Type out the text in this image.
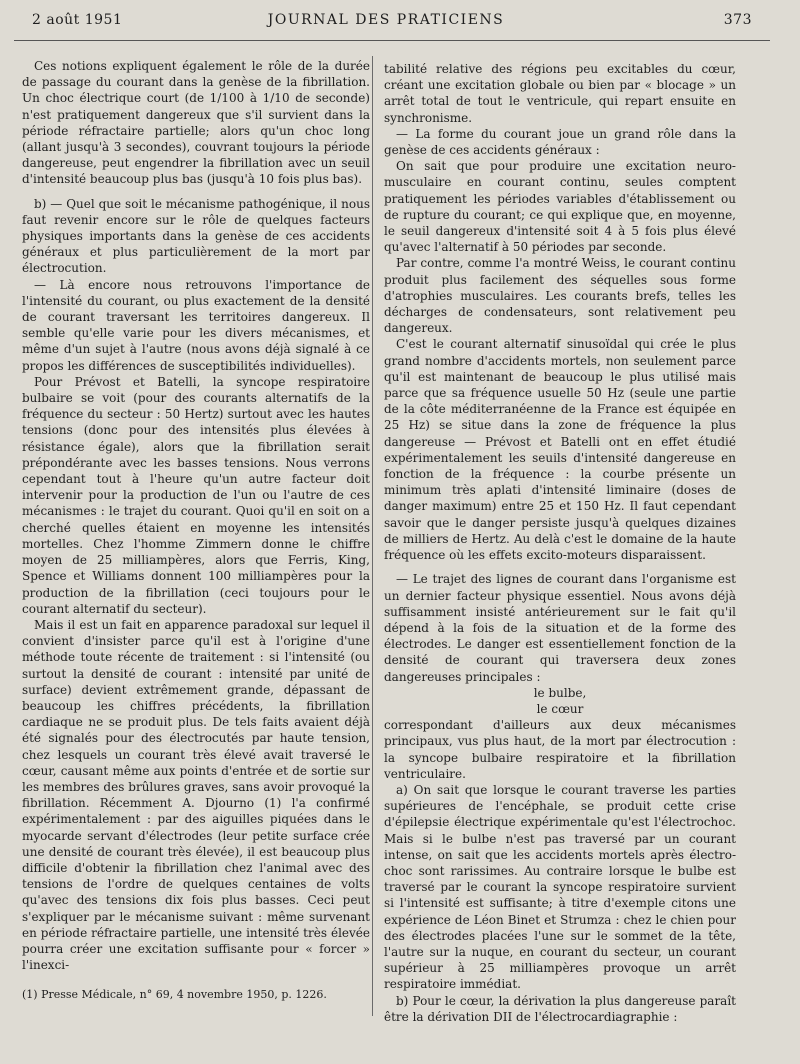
2 août 1951	JOURNAL DES PRATICIENS	373

Ces notions expliquent également le rôle de la durée de passage du courant dans la genèse de la fibrillation. Un choc électrique court (de 1/100 à 1/10 de seconde) n'est pratiquement dangereux que s'il survient dans la période réfractaire partielle; alors qu'un choc long (allant jusqu'à 3 secondes), couvrant toujours la période dangereuse, peut engendrer la fibrillation avec un seuil d'intensité beaucoup plus bas (jusqu'à 10 fois plus bas).

b) — Quel que soit le mécanisme pathogénique, il nous faut revenir encore sur le rôle de quelques facteurs physiques importants dans la genèse de ces accidents généraux et plus particulièrement de la mort par électrocution.

— Là encore nous retrouvons l'importance de l'intensité du courant, ou plus exactement de la densité de courant traversant les territoires dangereux. Il semble qu'elle varie pour les divers mécanismes, et même d'un sujet à l'autre (nous avons déjà signalé à ce propos les différences de susceptibilités individuelles).

Pour Prévost et Batelli, la syncope respiratoire bulbaire se voit (pour des courants alternatifs de la fréquence du secteur : 50 Hertz) surtout avec les hautes tensions (donc pour des intensités plus élevées à résistance égale), alors que la fibrillation serait prépondérante avec les basses tensions. Nous verrons cependant tout à l'heure qu'un autre facteur doit intervenir pour la production de l'un ou l'autre de ces mécanismes : le trajet du courant. Quoi qu'il en soit on a cherché quelles étaient en moyenne les intensités mortelles. Chez l'homme Zimmern donne le chiffre moyen de 25 milliampères, alors que Ferris, King, Spence et Williams donnent 100 milliampères pour la production de la fibrillation (ceci toujours pour le courant alternatif du secteur).

Mais il est un fait en apparence paradoxal sur lequel il convient d'insister parce qu'il est à l'origine d'une méthode toute récente de traitement : si l'intensité (ou surtout la densité de courant : intensité par unité de surface) devient extrêmement grande, dépassant de beaucoup les chiffres précédents, la fibrillation cardiaque ne se produit plus. De tels faits avaient déjà été signalés pour des électrocutés par haute tension, chez lesquels un courant très élevé avait traversé le cœur, causant même aux points d'entrée et de sortie sur les membres des brûlures graves, sans avoir provoqué la fibrillation. Récemment A. Djourno (1) l'a confirmé expérimentalement : par des aiguilles piquées dans le myocarde servant d'électrodes (leur petite surface crée une densité de courant très élevée), il est beaucoup plus difficile d'obtenir la fibrillation chez l'animal avec des tensions de l'ordre de quelques centaines de volts qu'avec des tensions dix fois plus basses. Ceci peut s'expliquer par le mécanisme suivant : même survenant en période réfractaire partielle, une intensité très élevée pourra créer une excitation suffisante pour « forcer » l'inexci-

tabilité relative des régions peu excitables du cœur, créant une excitation globale ou bien par « blocage » un arrêt total de tout le ventricule, qui repart ensuite en synchronisme.

— La forme du courant joue un grand rôle dans la genèse de ces accidents généraux :

On sait que pour produire une excitation neuro-musculaire en courant continu, seules comptent pratiquement les périodes variables d'établissement ou de rupture du courant; ce qui explique que, en moyenne, le seuil dangereux d'intensité soit 4 à 5 fois plus élevé qu'avec l'alternatif à 50 périodes par seconde.

Par contre, comme l'a montré Weiss, le courant continu produit plus facilement des séquelles sous forme d'atrophies musculaires. Les courants brefs, telles les décharges de condensateurs, sont relativement peu dangereux.

C'est le courant alternatif sinusoïdal qui crée le plus grand nombre d'accidents mortels, non seulement parce qu'il est maintenant de beaucoup le plus utilisé mais parce que sa fréquence usuelle 50 Hz (seule une partie de la côte méditerranéenne de la France est équipée en 25 Hz) se situe dans la zone de fréquence la plus dangereuse — Prévost et Batelli ont en effet étudié expérimentalement les seuils d'intensité dangereuse en fonction de la fréquence : la courbe présente un minimum très aplati d'intensité liminaire (doses de danger maximum) entre 25 et 150 Hz. Il faut cependant savoir que le danger persiste jusqu'à quelques dizaines de milliers de Hertz. Au delà c'est le domaine de la haute fréquence où les effets excito-moteurs disparaissent.

— Le trajet des lignes de courant dans l'organisme est un dernier facteur physique essentiel. Nous avons déjà suffisamment insisté antérieurement sur le fait qu'il dépend à la fois de la situation et de la forme des électrodes. Le danger est essentiellement fonction de la densité de courant qui traversera deux zones dangereuses principales :

le bulbe,

le cœur

correspondant d'ailleurs aux deux mécanismes principaux, vus plus haut, de la mort par électrocution : la syncope bulbaire respiratoire et la fibrillation ventriculaire.

a) On sait que lorsque le courant traverse les parties supérieures de l'encéphale, se produit cette crise d'épilepsie électrique expérimentale qu'est l'électrochoc. Mais si le bulbe n'est pas traversé par un courant intense, on sait que les accidents mortels après électro-choc sont rarissimes. Au contraire lorsque le bulbe est traversé par le courant la syncope respiratoire survient si l'intensité est suffisante; à titre d'exemple citons une expérience de Léon Binet et Strumza : chez le chien pour des électrodes placées l'une sur le sommet de la tête, l'autre sur la nuque, en courant du secteur, un courant supérieur à 25 milliampères provoque un arrêt respiratoire immédiat.

b) Pour le cœur, la dérivation la plus dangereuse paraît être la dérivation DII de l'électrocardiagraphie :

(1) Presse Médicale, n° 69, 4 novembre 1950, p. 1226.
